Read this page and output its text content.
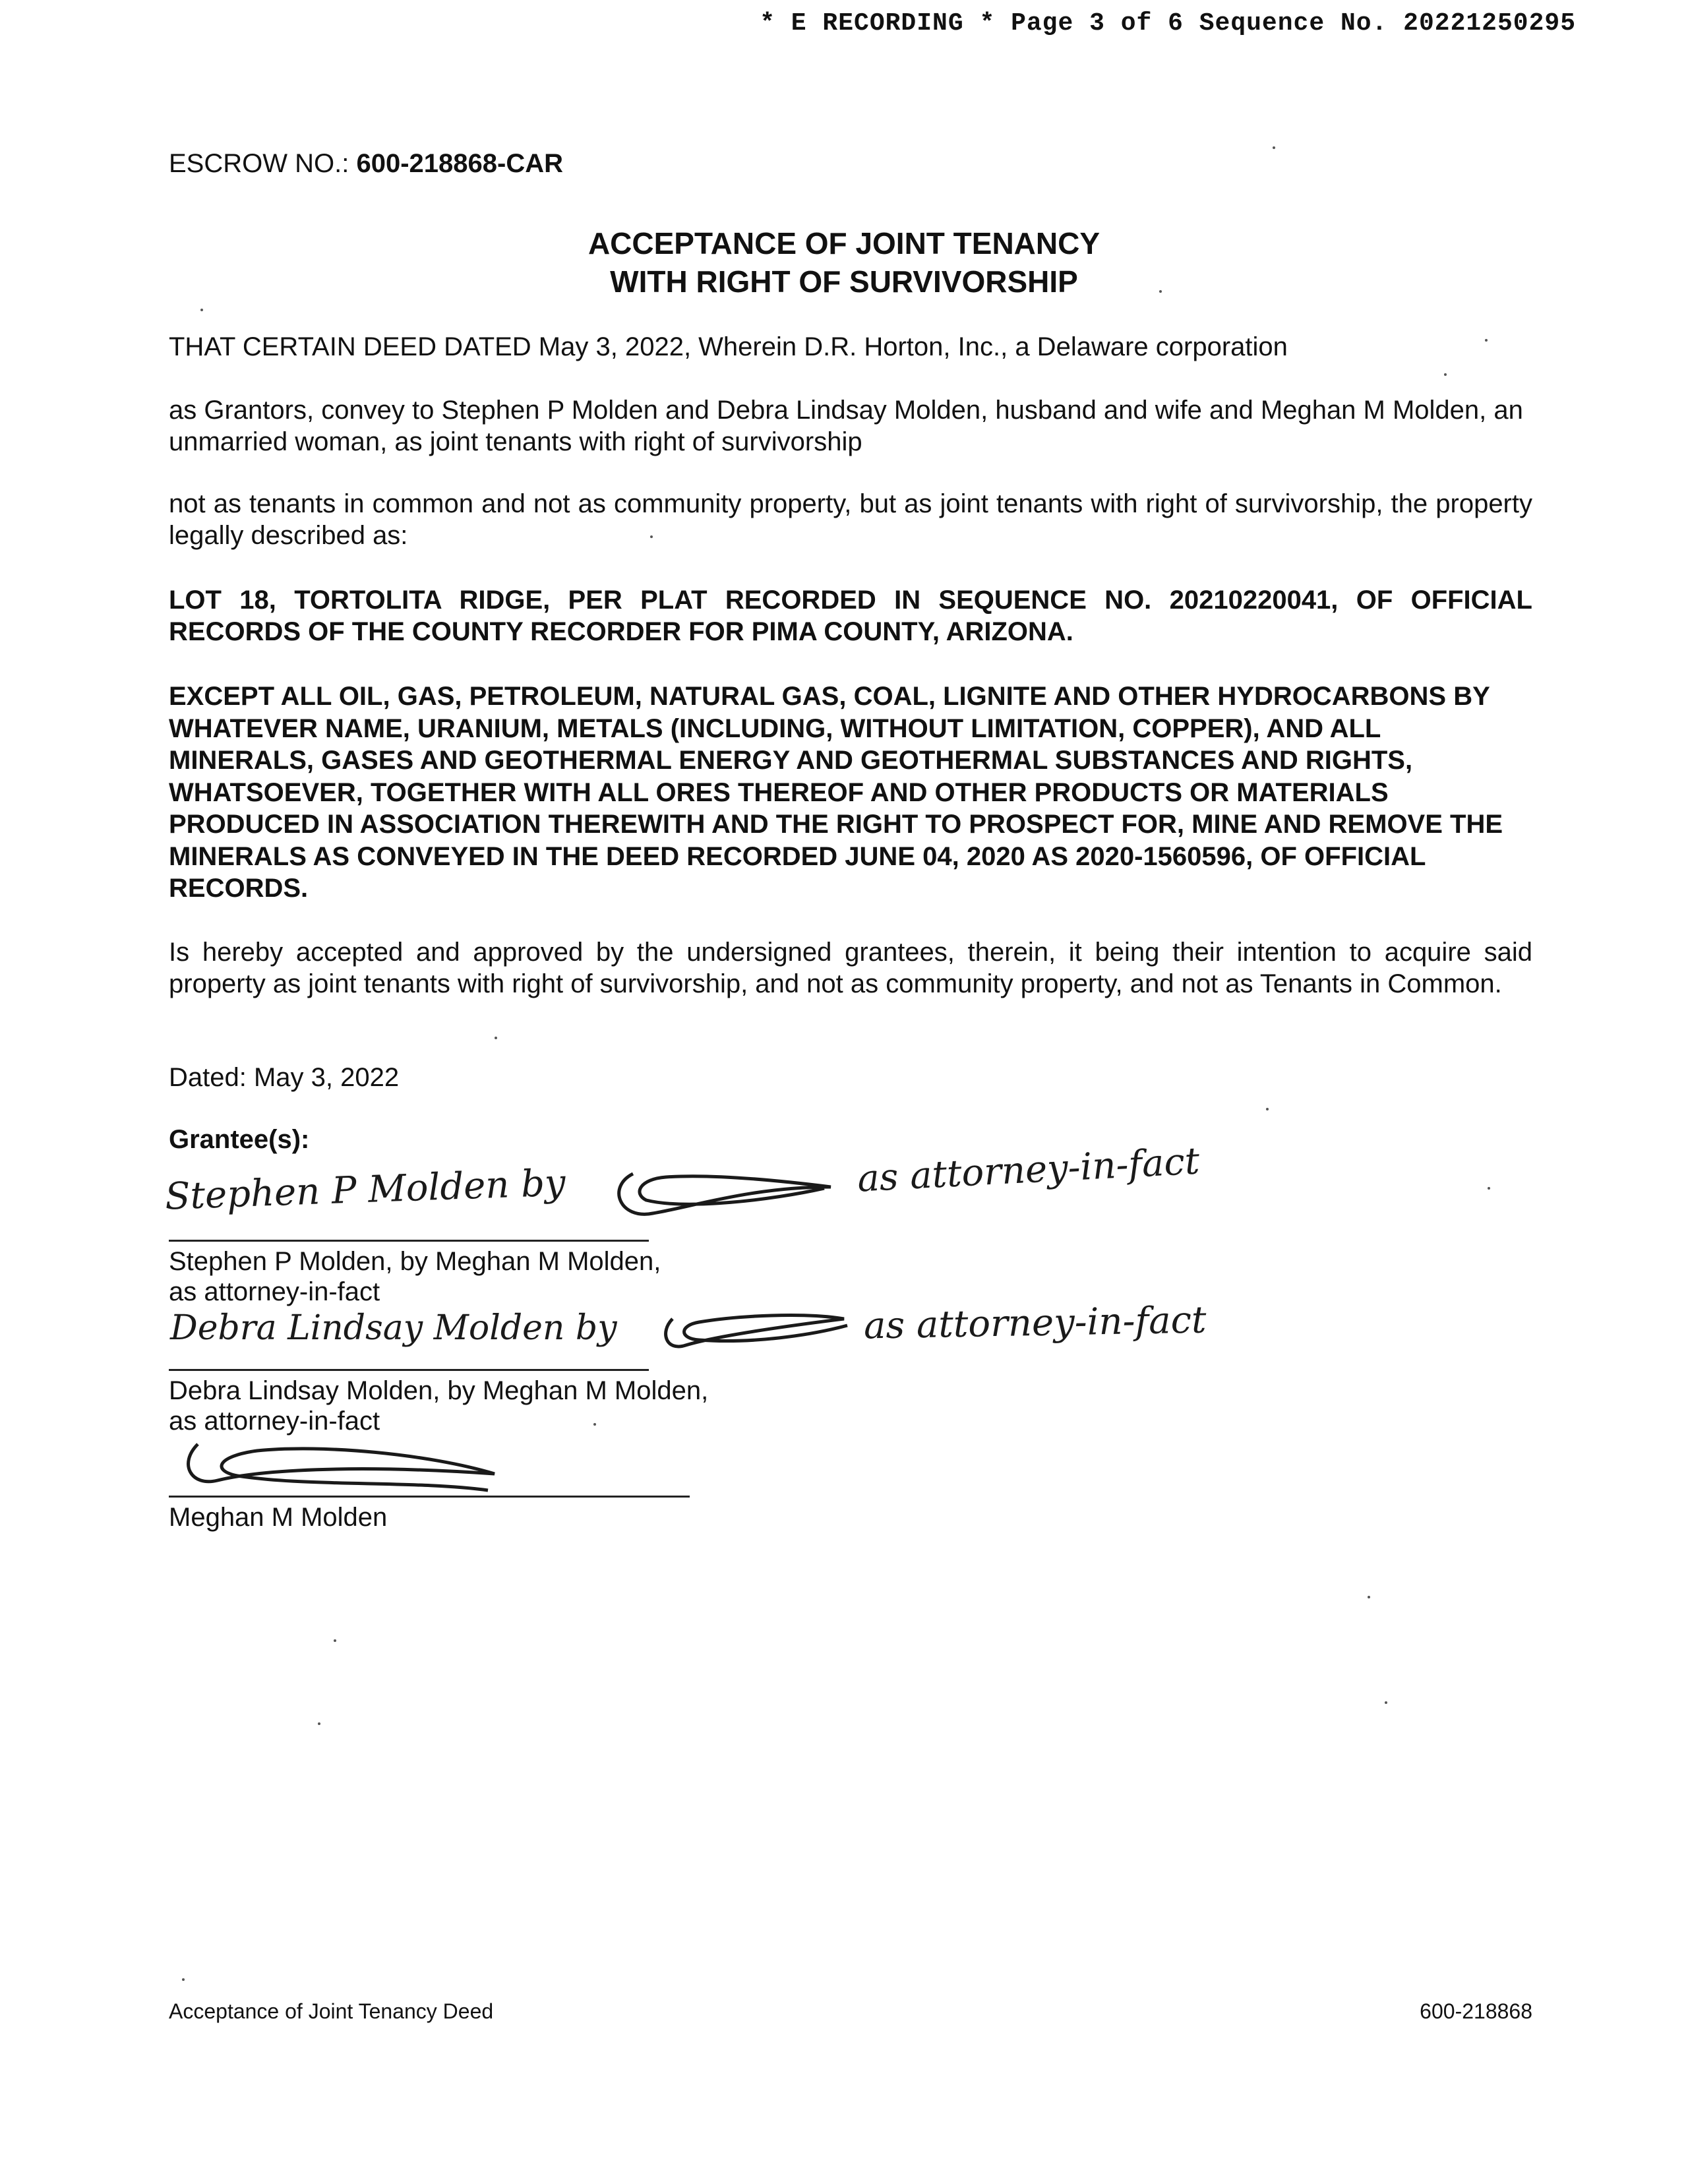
* E RECORDING * Page 3 of 6 Sequence No. 20221250295
ESCROW NO.: 600-218868-CAR
ACCEPTANCE OF JOINT TENANCY
WITH RIGHT OF SURVIVORSHIP
THAT CERTAIN DEED DATED May 3, 2022, Wherein D.R. Horton, Inc., a Delaware corporation
as Grantors, convey to Stephen P Molden and Debra Lindsay Molden, husband and wife and Meghan M Molden, an unmarried woman, as joint tenants with right of survivorship
not as tenants in common and not as community property, but as joint tenants with right of survivorship, the property legally described as:
LOT 18, TORTOLITA RIDGE, PER PLAT RECORDED IN SEQUENCE NO. 20210220041, OF OFFICIAL RECORDS OF THE COUNTY RECORDER FOR PIMA COUNTY, ARIZONA.
EXCEPT ALL OIL, GAS, PETROLEUM, NATURAL GAS, COAL, LIGNITE AND OTHER HYDROCARBONS BY WHATEVER NAME, URANIUM, METALS (INCLUDING, WITHOUT LIMITATION, COPPER), AND ALL MINERALS, GASES AND GEOTHERMAL ENERGY AND GEOTHERMAL SUBSTANCES AND RIGHTS, WHATSOEVER, TOGETHER WITH ALL ORES THEREOF AND OTHER PRODUCTS OR MATERIALS PRODUCED IN ASSOCIATION THEREWITH AND THE RIGHT TO PROSPECT FOR, MINE AND REMOVE THE MINERALS AS CONVEYED IN THE DEED RECORDED JUNE 04, 2020 AS 2020-1560596, OF OFFICIAL RECORDS.
Is hereby accepted and approved by the undersigned grantees, therein, it being their intention to acquire said property as joint tenants with right of survivorship, and not as community property, and not as Tenants in Common.
Dated: May 3, 2022
Grantee(s):
Stephen P Molden by	as attorney-in-fact
Stephen P Molden, by Meghan M Molden,
as attorney-in-fact
Debra Lindsay Molden by	as attorney-in-fact
Debra Lindsay Molden, by Meghan M Molden,
as attorney-in-fact
Meghan M Molden
Acceptance of Joint Tenancy Deed	600-218868
